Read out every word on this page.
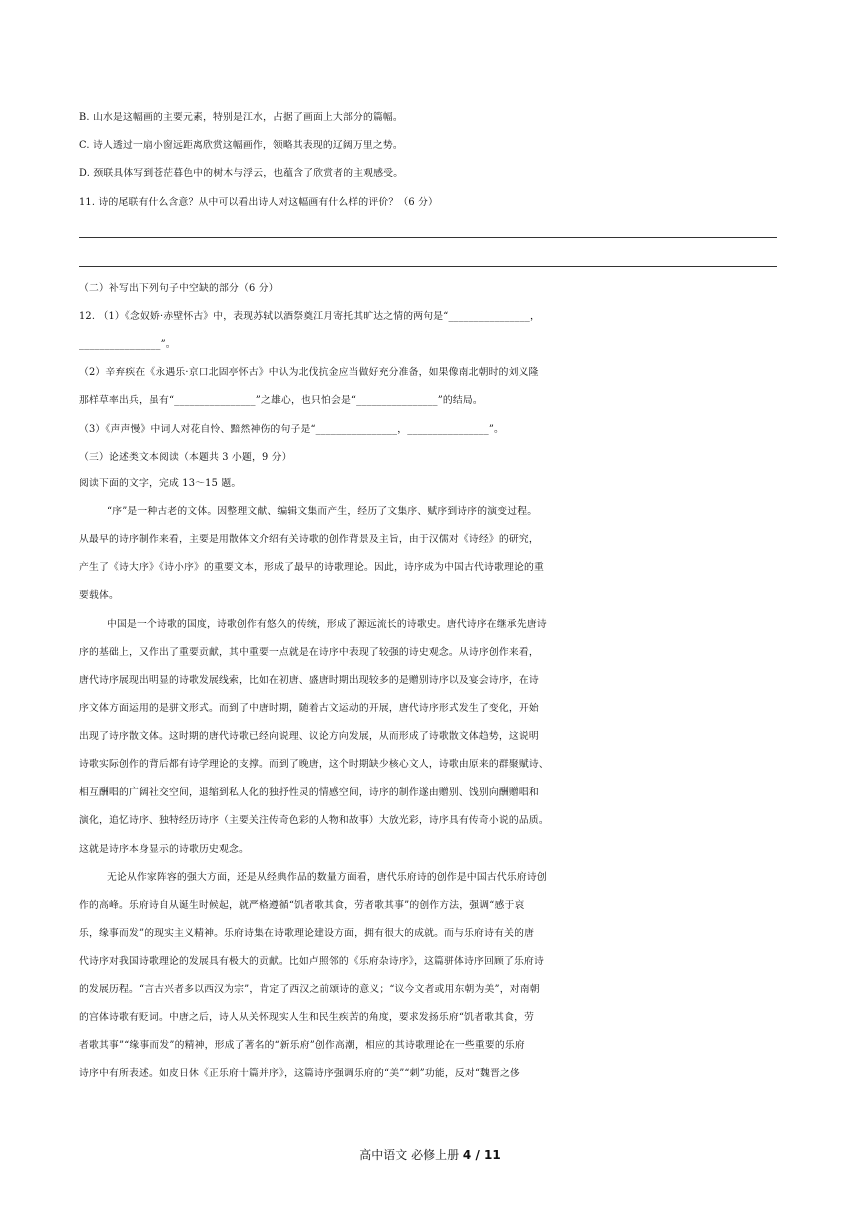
B. 山水是这幅画的主要元素，特别是江水，占据了画面上大部分的篇幅。
C. 诗人透过一扇小窗远距离欣赏这幅画作，领略其表现的辽阔万里之势。
D. 颈联具体写到苍茫暮色中的树木与浮云，也蕴含了欣赏者的主观感受。
11. 诗的尾联有什么含意？从中可以看出诗人对这幅画有什么样的评价？（6 分）
（二）补写出下列句子中空缺的部分（6 分）
12. （1）《念奴娇·赤壁怀古》中，表现苏轼以酒祭奠江月寄托其旷达之情的两句是“________________，
________________”。
（2）辛弃疾在《永遇乐·京口北固亭怀古》中认为北伐抗金应当做好充分准备，如果像南北朝时的刘义隆
那样草率出兵，虽有“________________”之雄心，也只怕会是“________________”的结局。
（3）《声声慢》中词人对花自怜、黯然神伤的句子是“________________，________________”。
（三）论述类文本阅读（本题共 3 小题，9 分）
阅读下面的文字，完成 13～15 题。
“序”是一种古老的文体。因整理文献、编辑文集而产生，经历了文集序、赋序到诗序的演变过程。
从最早的诗序制作来看，主要是用散体文介绍有关诗歌的创作背景及主旨，由于汉儒对《诗经》的研究，
产生了《诗大序》《诗小序》的重要文本，形成了最早的诗歌理论。因此，诗序成为中国古代诗歌理论的重
要载体。
中国是一个诗歌的国度，诗歌创作有悠久的传统，形成了源远流长的诗歌史。唐代诗序在继承先唐诗
序的基础上，又作出了重要贡献，其中重要一点就是在诗序中表现了较强的诗史观念。从诗序创作来看，
唐代诗序展现出明显的诗歌发展线索，比如在初唐、盛唐时期出现较多的是赠别诗序以及宴会诗序，在诗
序文体方面运用的是骈文形式。而到了中唐时期，随着古文运动的开展，唐代诗序形式发生了变化，开始
出现了诗序散文体。这时期的唐代诗歌已经向说理、议论方向发展，从而形成了诗歌散文体趋势，这说明
诗歌实际创作的背后都有诗学理论的支撑。而到了晚唐，这个时期缺少核心文人，诗歌由原来的群聚赋诗、
相互酬唱的广阔社交空间，退缩到私人化的独抒性灵的情感空间，诗序的制作遂由赠别、饯别向酬赠唱和
演化，追忆诗序、独特经历诗序（主要关注传奇色彩的人物和故事）大放光彩，诗序具有传奇小说的品质。
这就是诗序本身显示的诗歌历史观念。
无论从作家阵容的强大方面，还是从经典作品的数量方面看，唐代乐府诗的创作是中国古代乐府诗创
作的高峰。乐府诗自从诞生时候起，就严格遵循“饥者歌其食，劳者歌其事”的创作方法，强调“感于哀
乐，缘事而发”的现实主义精神。乐府诗集在诗歌理论建设方面，拥有很大的成就。而与乐府诗有关的唐
代诗序对我国诗歌理论的发展具有极大的贡献。比如卢照邻的《乐府杂诗序》，这篇骈体诗序回顾了乐府诗
的发展历程。“言古兴者多以西汉为宗”，肯定了西汉之前颂诗的意义；“议今文者或用东朝为美”，对南朝
的宫体诗歌有贬词。中唐之后，诗人从关怀现实人生和民生疾苦的角度，要求发扬乐府“饥者歌其食，劳
者歌其事”“缘事而发”的精神，形成了著名的“新乐府”创作高潮，相应的其诗歌理论在一些重要的乐府
诗序中有所表述。如皮日休《正乐府十篇并序》，这篇诗序强调乐府的“美”“刺”功能，反对“魏晋之侈
高中语文 必修上册 4 / 11
